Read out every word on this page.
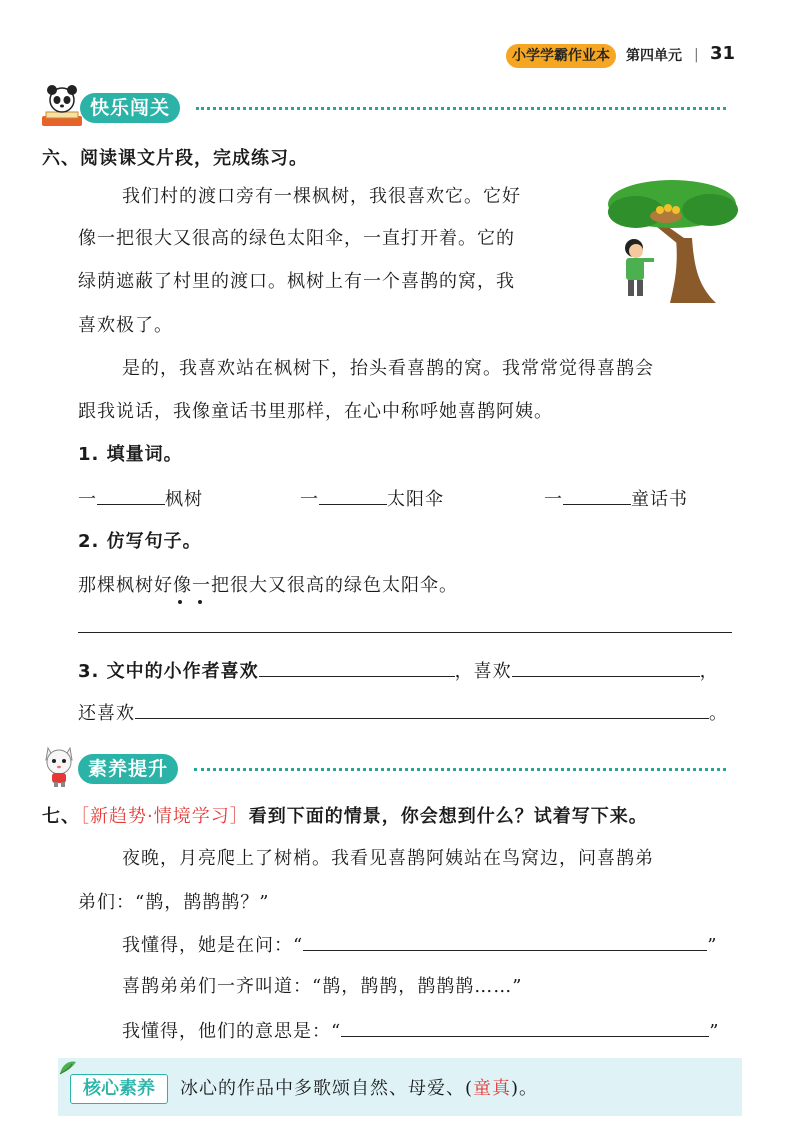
小学学霸作业本	第四单元 | 31
快乐闯关
六、阅读课文片段，完成练习。
我们村的渡口旁有一棵枫树，我很喜欢它。它好
像一把很大又很高的绿色太阳伞，一直打开着。它的
绿荫遮蔽了村里的渡口。枫树上有一个喜鹊的窝，我
喜欢极了。
是的，我喜欢站在枫树下，抬头看喜鹊的窝。我常常觉得喜鹊会
跟我说话，我像童话书里那样，在心中称呼她喜鹊阿姨。
1. 填量词。
一	枫树	一	太阳伞	一	童话书
2. 仿写句子。
那棵枫树好像一把很大又很高的绿色太阳伞。
3. 文中的小作者喜欢	，喜欢	，
还喜欢	。
素养提升
七、［新趋势·情境学习］看到下面的情景，你会想到什么？试着写下来。
夜晚，月亮爬上了树梢。我看见喜鹊阿姨站在鸟窝边，问喜鹊弟
弟们：“鹊，鹊鹊鹊？”
我懂得，她是在问：“	”
喜鹊弟弟们一齐叫道：“鹊，鹊鹊，鹊鹊鹊……”
我懂得，他们的意思是：“	”
核心素养	冰心的作品中多歌颂自然、母爱、(童真)。
